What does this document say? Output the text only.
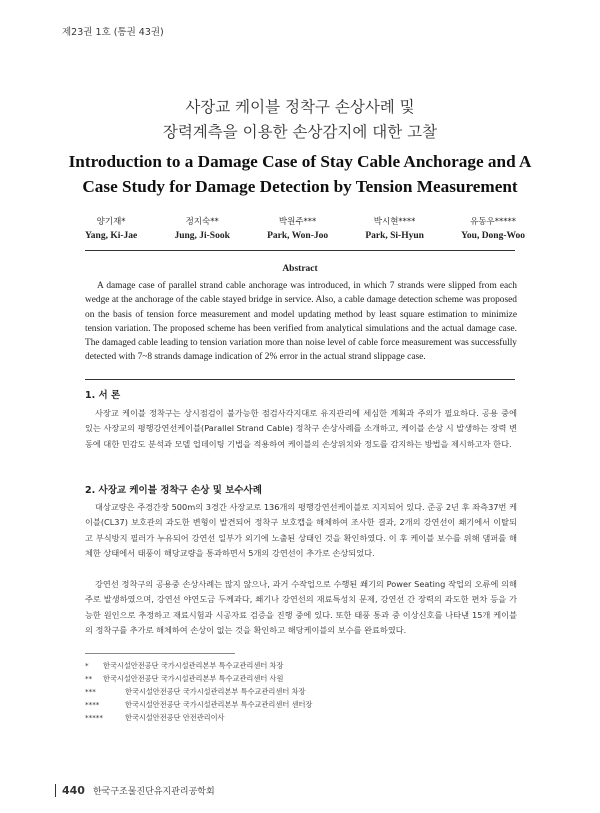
제23권 1호 (통권 43권)
사장교 케이블 정착구 손상사례 및
장력계측을 이용한 손상감지에 대한 고찰
Introduction to a Damage Case of Stay Cable Anchorage and A
Case Study for Damage Detection by Tension Measurement
양기재*
Yang, Ki-Jae
정지숙**
Jung, Ji-Sook
박원주***
Park, Won-Joo
박시현****
Park, Si-Hyun
유동우*****
You, Dong-Woo
Abstract
A damage case of parallel strand cable anchorage was introduced, in which 7 strands were slipped from each wedge at the anchorage of the cable stayed bridge in service. Also, a cable damage detection scheme was proposed on the basis of tension force measurement and model updating method by least square estimation to minimize tension variation. The proposed scheme has been verified from analytical simulations and the actual damage case. The damaged cable leading to tension variation more than noise level of cable force measurement was successfully detected with 7~8 strands damage indication of 2% error in the actual strand slippage case.
1. 서 론
사장교 케이블 정착구는 상시점검이 불가능한 점검사각지대로 유지관리에 세심한 계획과 주의가 필요하다. 공용 중에 있는 사장교의 평행강연선케이블(Parallel Strand Cable) 정착구 손상사례를 소개하고, 케이블 손상 시 발생하는 장력 변동에 대한 민감도 분석과 모델 업데이팅 기법을 적용하여 케이블의 손상위치와 정도를 감지하는 방법을 제시하고자 한다.
2. 사장교 케이블 정착구 손상 및 보수사례
대상교량은 주경간장 500m의 3경간 사장교로 136개의 평행강연선케이블로 지지되어 있다. 준공 2년 후 좌측37번 케이블(CL37) 보호관의 과도한 변형이 발견되어 정착구 보호캡을 해체하여 조사한 결과, 2개의 강연선이 쐐기에서 이탈되고 부식방지 필러가 누유되어 강연선 일부가 외기에 노출된 상태인 것을 확인하였다. 이 후 케이블 보수를 위해 댐퍼를 해체한 상태에서 태풍이 해당교량을 통과하면서 5개의 강연선이 추가로 손상되었다.
강연선 정착구의 공용중 손상사례는 많지 않으나, 과거 수작업으로 수행된 쐐기의 Power Seating 작업의 오류에 의해 주로 발생하였으며, 강연선 야연도금 두께과다, 쐐기나 강연선의 재료특성치 문제, 강연선 간 장력의 과도한 편차 등을 가능한 원인으로 추정하고 재료시험과 시공자료 검증을 진행 중에 있다. 또한 태풍 통과 중 이상신호를 나타낸 15개 케이블의 정착구를 추가로 해체하여 손상이 없는 것을 확인하고 해당케이블의 보수를 완료하였다.
* 한국시설안전공단 국가시설관리본부 특수교관리센터 차장
** 한국시설안전공단 국가시설관리본부 특수교관리센터 사원
***	한국시설안전공단 국가시설관리본부 특수교관리센터 차장
****	한국시설안전공단 국가시설관리본부 특수교관리센터 센터장
*****	한국시설안전공단 안전관리이사
440 한국구조물진단유지관리공학회
